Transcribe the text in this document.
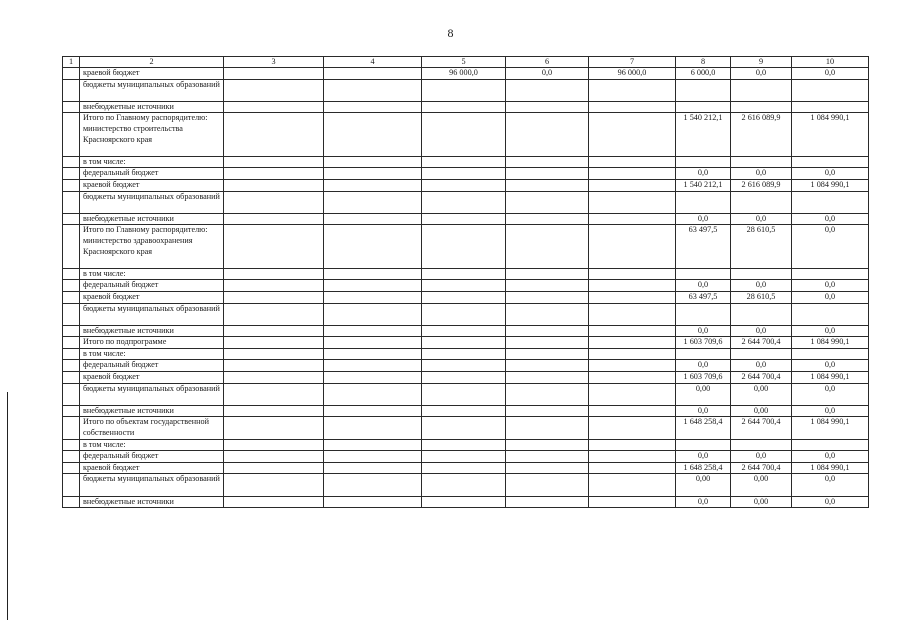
8
1	2	3	4	5	6	7	8	9	10
	краевой бюджет			96 000,0	0,0	96 000,0	6 000,0	0,0	0,0
	бюджеты муниципальных образований								
	внебюджетные источники								
	Итого по Главному распорядителю: министерство строительства Красноярского края						1 540 212,1	2 616 089,9	1 084 990,1
	в том числе:								
	федеральный бюджет						0,0	0,0	0,0
	краевой бюджет						1 540 212,1	2 616 089,9	1 084 990,1
	бюджеты муниципальных образований								
	внебюджетные источники						0,0	0,0	0,0
	Итого по Главному распорядителю: министерство здравоохранения Красноярского края						63 497,5	28 610,5	0,0
	в том числе:								
	федеральный бюджет						0,0	0,0	0,0
	краевой бюджет						63 497,5	28 610,5	0,0
	бюджеты муниципальных образований								
	внебюджетные источники						0,0	0,0	0,0
	Итого по подпрограмме						1 603 709,6	2 644 700,4	1 084 990,1
	в том числе:								
	федеральный бюджет						0,0	0,0	0,0
	краевой бюджет						1 603 709,6	2 644 700,4	1 084 990,1
	бюджеты муниципальных образований						0,00	0,00	0,0
	внебюджетные источники						0,0	0,00	0,0
	Итого по объектам государственной собственности						1 648 258,4	2 644 700,4	1 084 990,1
	в том числе:								
	федеральный бюджет						0,0	0,0	0,0
	краевой бюджет						1 648 258,4	2 644 700,4	1 084 990,1
	бюджеты муниципальных образований						0,00	0,00	0,0
	внебюджетные источники						0,0	0,00	0,0
